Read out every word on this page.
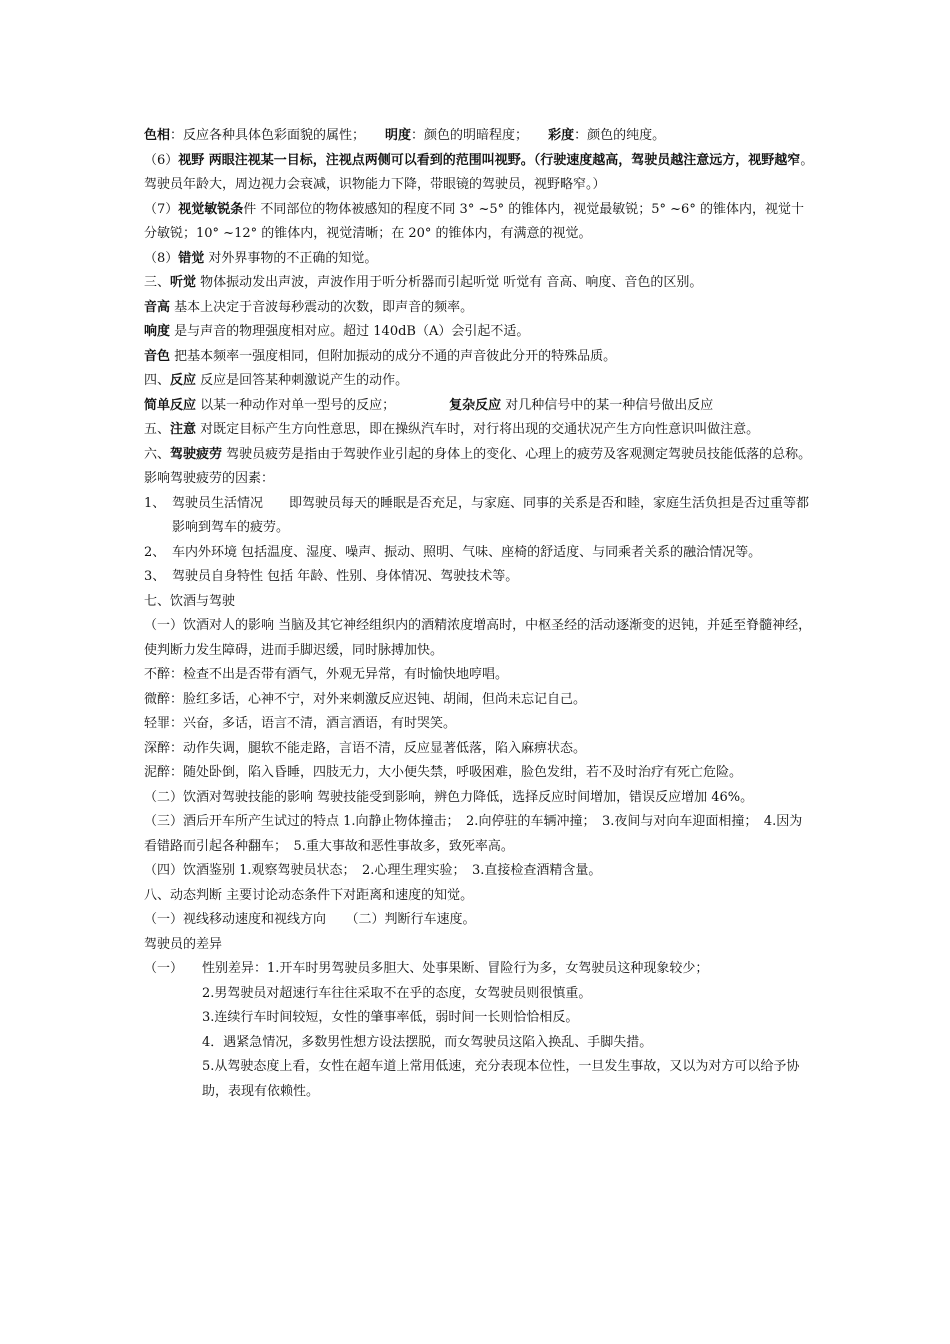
色相：反应各种具体色彩面貌的属性； 明度：颜色的明暗程度； 彩度：颜色的纯度。
（6）视野 两眼注视某一目标，注视点两侧可以看到的范围叫视野。（行驶速度越高，驾驶员越注意远方，视野越窄。驾驶员年龄大，周边视力会衰减，识物能力下降，带眼镜的驾驶员，视野略窄。）
（7）视觉敏锐条件 不同部位的物体被感知的程度不同 3° ~5° 的锥体内，视觉最敏锐；5° ~6° 的锥体内，视觉十分敏锐；10° ~12° 的锥体内，视觉清晰；在 20° 的锥体内，有满意的视觉。
（8）错觉 对外界事物的不正确的知觉。
三、听觉 物体振动发出声波，声波作用于听分析器而引起听觉 听觉有 音高、响度、音色的区别。
音高 基本上决定于音波每秒震动的次数，即声音的频率。
响度 是与声音的物理强度相对应。超过 140dB（A）会引起不适。
音色 把基本频率一强度相同，但附加振动的成分不通的声音彼此分开的特殊品质。
四、反应 反应是回答某种刺激说产生的动作。
简单反应 以某一种动作对单一型号的反应；	复杂反应 对几种信号中的某一种信号做出反应
五、注意 对既定目标产生方向性意思，即在操纵汽车时，对行将出现的交通状况产生方向性意识叫做注意。
六、驾驶疲劳 驾驶员疲劳是指由于驾驶作业引起的身体上的变化、心理上的疲劳及客观测定驾驶员技能低落的总称。
影响驾驶疲劳的因素：
1、 驾驶员生活情况　　即驾驶员每天的睡眠是否充足，与家庭、同事的关系是否和睦，家庭生活负担是否过重等都影响到驾车的疲劳。
2、 车内外环境 包括温度、湿度、噪声、振动、照明、气味、座椅的舒适度、与同乘者关系的融洽情况等。
3、 驾驶员自身特性 包括 年龄、性别、身体情况、驾驶技术等。
七、饮酒与驾驶
（一）饮酒对人的影响 当脑及其它神经组织内的酒精浓度增高时，中枢圣经的活动逐渐变的迟钝，并延至脊髓神经，使判断力发生障碍，进而手脚迟缓，同时脉搏加快。
不醉：检查不出是否带有酒气，外观无异常，有时愉快地哼唱。
微醉：脸红多话，心神不宁，对外来刺激反应迟钝、胡闹，但尚未忘记自己。
轻罪：兴奋，多话，语言不清，酒言酒语，有时哭笑。
深醉：动作失调，腿软不能走路，言语不清，反应显著低落，陷入麻痹状态。
泥醉：随处卧倒，陷入昏睡，四肢无力，大小便失禁，呼吸困难，脸色发绀，若不及时治疗有死亡危险。
（二）饮酒对驾驶技能的影响 驾驶技能受到影响，辨色力降低，选择反应时间增加，错误反应增加 46%。
（三）酒后开车所产生试过的特点 1.向静止物体撞击；　2.向停驻的车辆冲撞；　3.夜间与对向车迎面相撞；　4.因为看错路而引起各种翻车；　5.重大事故和恶性事故多，致死率高。
（四）饮酒鉴别 1.观察驾驶员状态；　2.心理生理实验；　3.直接检查酒精含量。
八、动态判断 主要讨论动态条件下对距离和速度的知觉。
（一）视线移动速度和视线方向　　（二）判断行车速度。
驾驶员的差异
（一） 性别差异：1.开车时男驾驶员多胆大、处事果断、冒险行为多，女驾驶员这种现象较少；
2.男驾驶员对超速行车往往采取不在乎的态度，女驾驶员则很慎重。
3.连续行车时间较短，女性的肇事率低，弱时间一长则恰恰相反。
4．遇紧急情况，多数男性想方设法摆脱，而女驾驶员这陷入换乱、手脚失措。
5.从驾驶态度上看，女性在超车道上常用低速，充分表现本位性，一旦发生事故，又以为对方可以给予协助，表现有依赖性。
